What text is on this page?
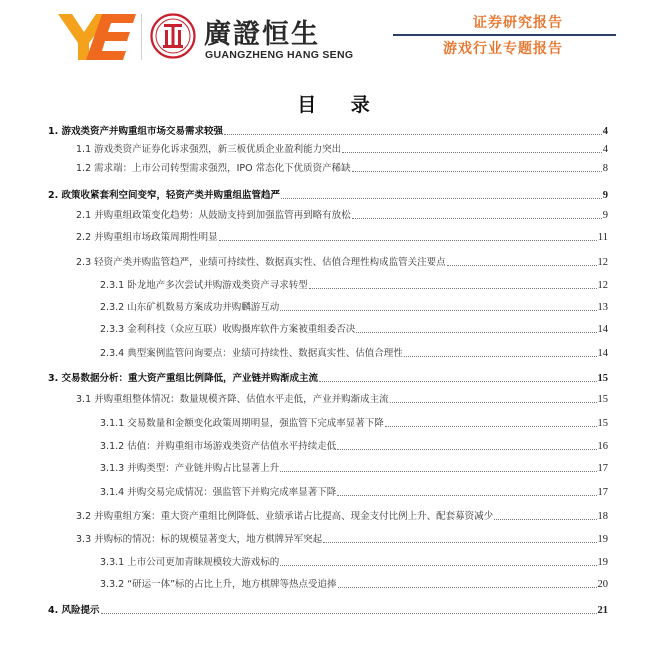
廣證恒生
GUANGZHENG HANG SENG
证券研究报告
游戏行业专题报告
目 录
1. 游戏类资产并购重组市场交易需求较强	4
1.1 游戏类资产证券化诉求强烈，新三板优质企业盈利能力突出	4
1.2 需求端：上市公司转型需求强烈，IPO 常态化下优质资产稀缺	8
2. 政策收紧套利空间变窄，轻资产类并购重组监管趋严	9
2.1 并购重组政策变化趋势：从鼓励支持到加强监管再到略有放松	9
2.2 并购重组市场政策周期性明显	11
2.3 轻资产类并购监管趋严，业绩可持续性、数据真实性、估值合理性构成监管关注要点	12
2.3.1 卧龙地产多次尝试并购游戏类资产寻求转型	12
2.3.2 山东矿机数易方案成功并购麟游互动	13
2.3.3 金利科技（众应互联）收购摄库软件方案被重组委否决	14
2.3.4 典型案例监管问询要点：业绩可持续性、数据真实性、估值合理性	14
3. 交易数据分析：重大资产重组比例降低，产业链并购渐成主流	15
3.1 并购重组整体情况：数量规模齐降、估值水平走低，产业并购渐成主流	15
3.1.1 交易数量和金额变化政策周期明显，强监管下完成率显著下降	15
3.1.2 估值：并购重组市场游戏类资产估值水平持续走低	16
3.1.3 并购类型：产业链并购占比显著上升	17
3.1.4 并购交易完成情况：强监管下并购完成率显著下降	17
3.2 并购重组方案：重大资产重组比例降低、业绩承诺占比提高、现金支付比例上升、配套募资减少	18
3.3 并购标的情况：标的规模显著变大，地方棋牌异军突起	19
3.3.1 上市公司更加青睐规模较大游戏标的	19
3.3.2 “研运一体”标的占比上升，地方棋牌等热点受追捧	20
4. 风险提示	21
